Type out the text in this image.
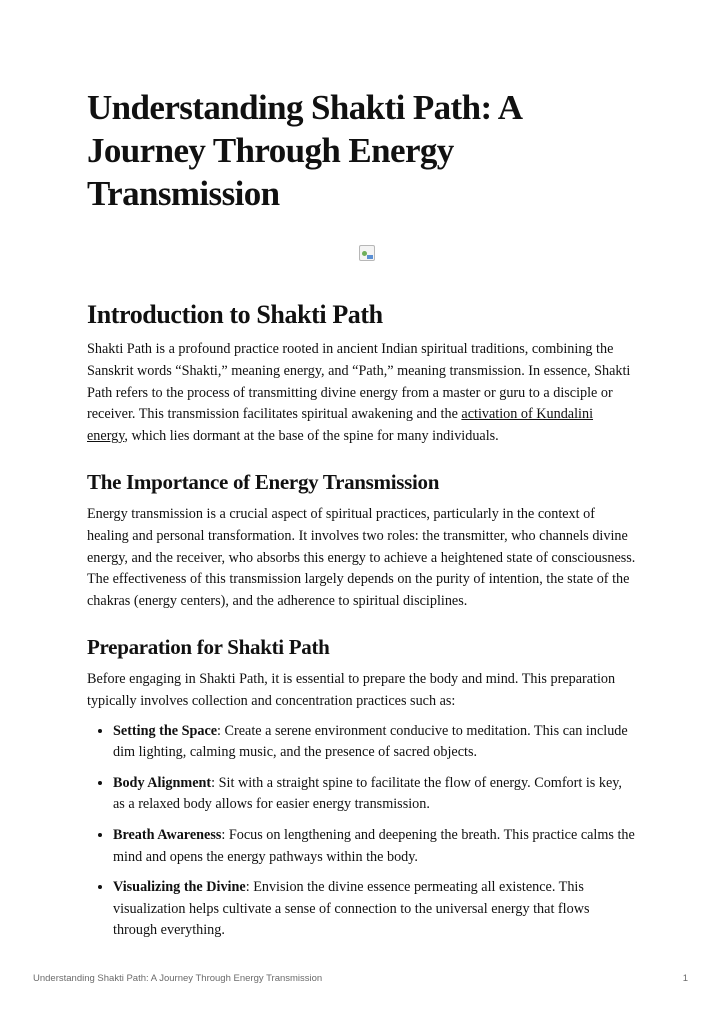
Understanding Shakti Path: A Journey Through Energy Transmission
Introduction to Shakti Path

Shakti Path is a profound practice rooted in ancient Indian spiritual traditions, combining the Sanskrit words “Shakti,” meaning energy, and “Path,” meaning transmission. In essence, Shakti Path refers to the process of transmitting divine energy from a master or guru to a disciple or receiver. This transmission facilitates spiritual awakening and the activation of Kundalini energy, which lies dormant at the base of the spine for many individuals.

The Importance of Energy Transmission

Energy transmission is a crucial aspect of spiritual practices, particularly in the context of healing and personal transformation. It involves two roles: the transmitter, who channels divine energy, and the receiver, who absorbs this energy to achieve a heightened state of consciousness. The effectiveness of this transmission largely depends on the purity of intention, the state of the chakras (energy centers), and the adherence to spiritual disciplines.

Preparation for Shakti Path

Before engaging in Shakti Path, it is essential to prepare the body and mind. This preparation typically involves collection and concentration practices such as:

• Setting the Space: Create a serene environment conducive to meditation. This can include dim lighting, calming music, and the presence of sacred objects.
• Body Alignment: Sit with a straight spine to facilitate the flow of energy. Comfort is key, as a relaxed body allows for easier energy transmission.
• Breath Awareness: Focus on lengthening and deepening the breath. This practice calms the mind and opens the energy pathways within the body.
• Visualizing the Divine: Envision the divine essence permeating all existence. This visualization helps cultivate a sense of connection to the universal energy that flows through everything.
Understanding Shakti Path: A Journey Through Energy Transmission	1
